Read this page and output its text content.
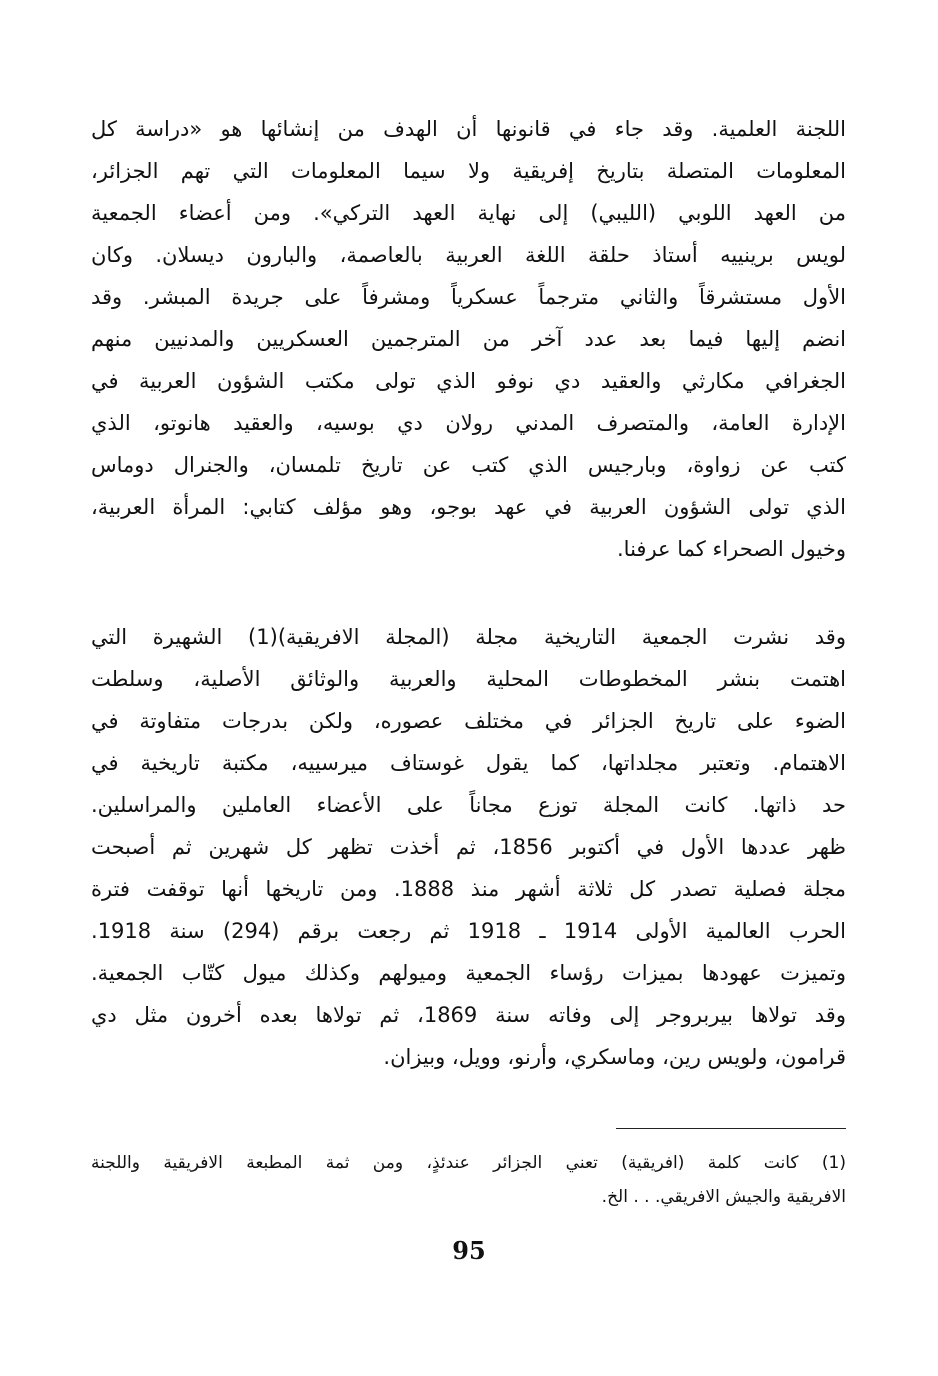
اللجنة العلمية. وقد جاء في قانونها أن الهدف من إنشائها هو «دراسة كل
المعلومات المتصلة بتاريخ إفريقية ولا سيما المعلومات التي تهم الجزائر،
من العهد اللوبي (الليبي) إلى نهاية العهد التركي». ومن أعضاء الجمعية
لويس برينييه أستاذ حلقة اللغة العربية بالعاصمة، والبارون ديسلان. وكان
الأول مستشرقاً والثاني مترجماً عسكرياً ومشرفاً على جريدة المبشر. وقد
انضم إليها فيما بعد عدد آخر من المترجمين العسكريين والمدنيين منهم
الجغرافي مكارثي والعقيد دي نوفو الذي تولى مكتب الشؤون العربية في
الإدارة العامة، والمتصرف المدني رولان دي بوسيه، والعقيد هانوتو، الذي
كتب عن زواوة، وبارجيس الذي كتب عن تاريخ تلمسان، والجنرال دوماس
الذي تولى الشؤون العربية في عهد بوجو، وهو مؤلف كتابي: المرأة العربية،
وخيول الصحراء كما عرفنا.
وقد نشرت الجمعية التاريخية مجلة (المجلة الافريقية)(1) الشهيرة التي
اهتمت بنشر المخطوطات المحلية والعربية والوثائق الأصلية، وسلطت
الضوء على تاريخ الجزائر في مختلف عصوره، ولكن بدرجات متفاوتة في
الاهتمام. وتعتبر مجلداتها، كما يقول غوستاف ميرسييه، مكتبة تاريخية في
حد ذاتها. كانت المجلة توزع مجاناً على الأعضاء العاملين والمراسلين.
ظهر عددها الأول في أكتوبر 1856، ثم أخذت تظهر كل شهرين ثم أصبحت
مجلة فصلية تصدر كل ثلاثة أشهر منذ 1888. ومن تاريخها أنها توقفت فترة
الحرب العالمية الأولى 1914 ـ 1918 ثم رجعت برقم (294) سنة 1918.
وتميزت عهودها بميزات رؤساء الجمعية وميولهم وكذلك ميول كتّاب الجمعية.
وقد تولاها بيربروجر إلى وفاته سنة 1869، ثم تولاها بعده أخرون مثل دي
قرامون، ولويس رين، وماسكري، وأرنو، وويل، وبيزان.
(1) كانت كلمة (افريقية) تعني الجزائر عندئذٍ، ومن ثمة المطبعة الافريقية واللجنة
الافريقية والجيش الافريقي. . . الخ.
95
